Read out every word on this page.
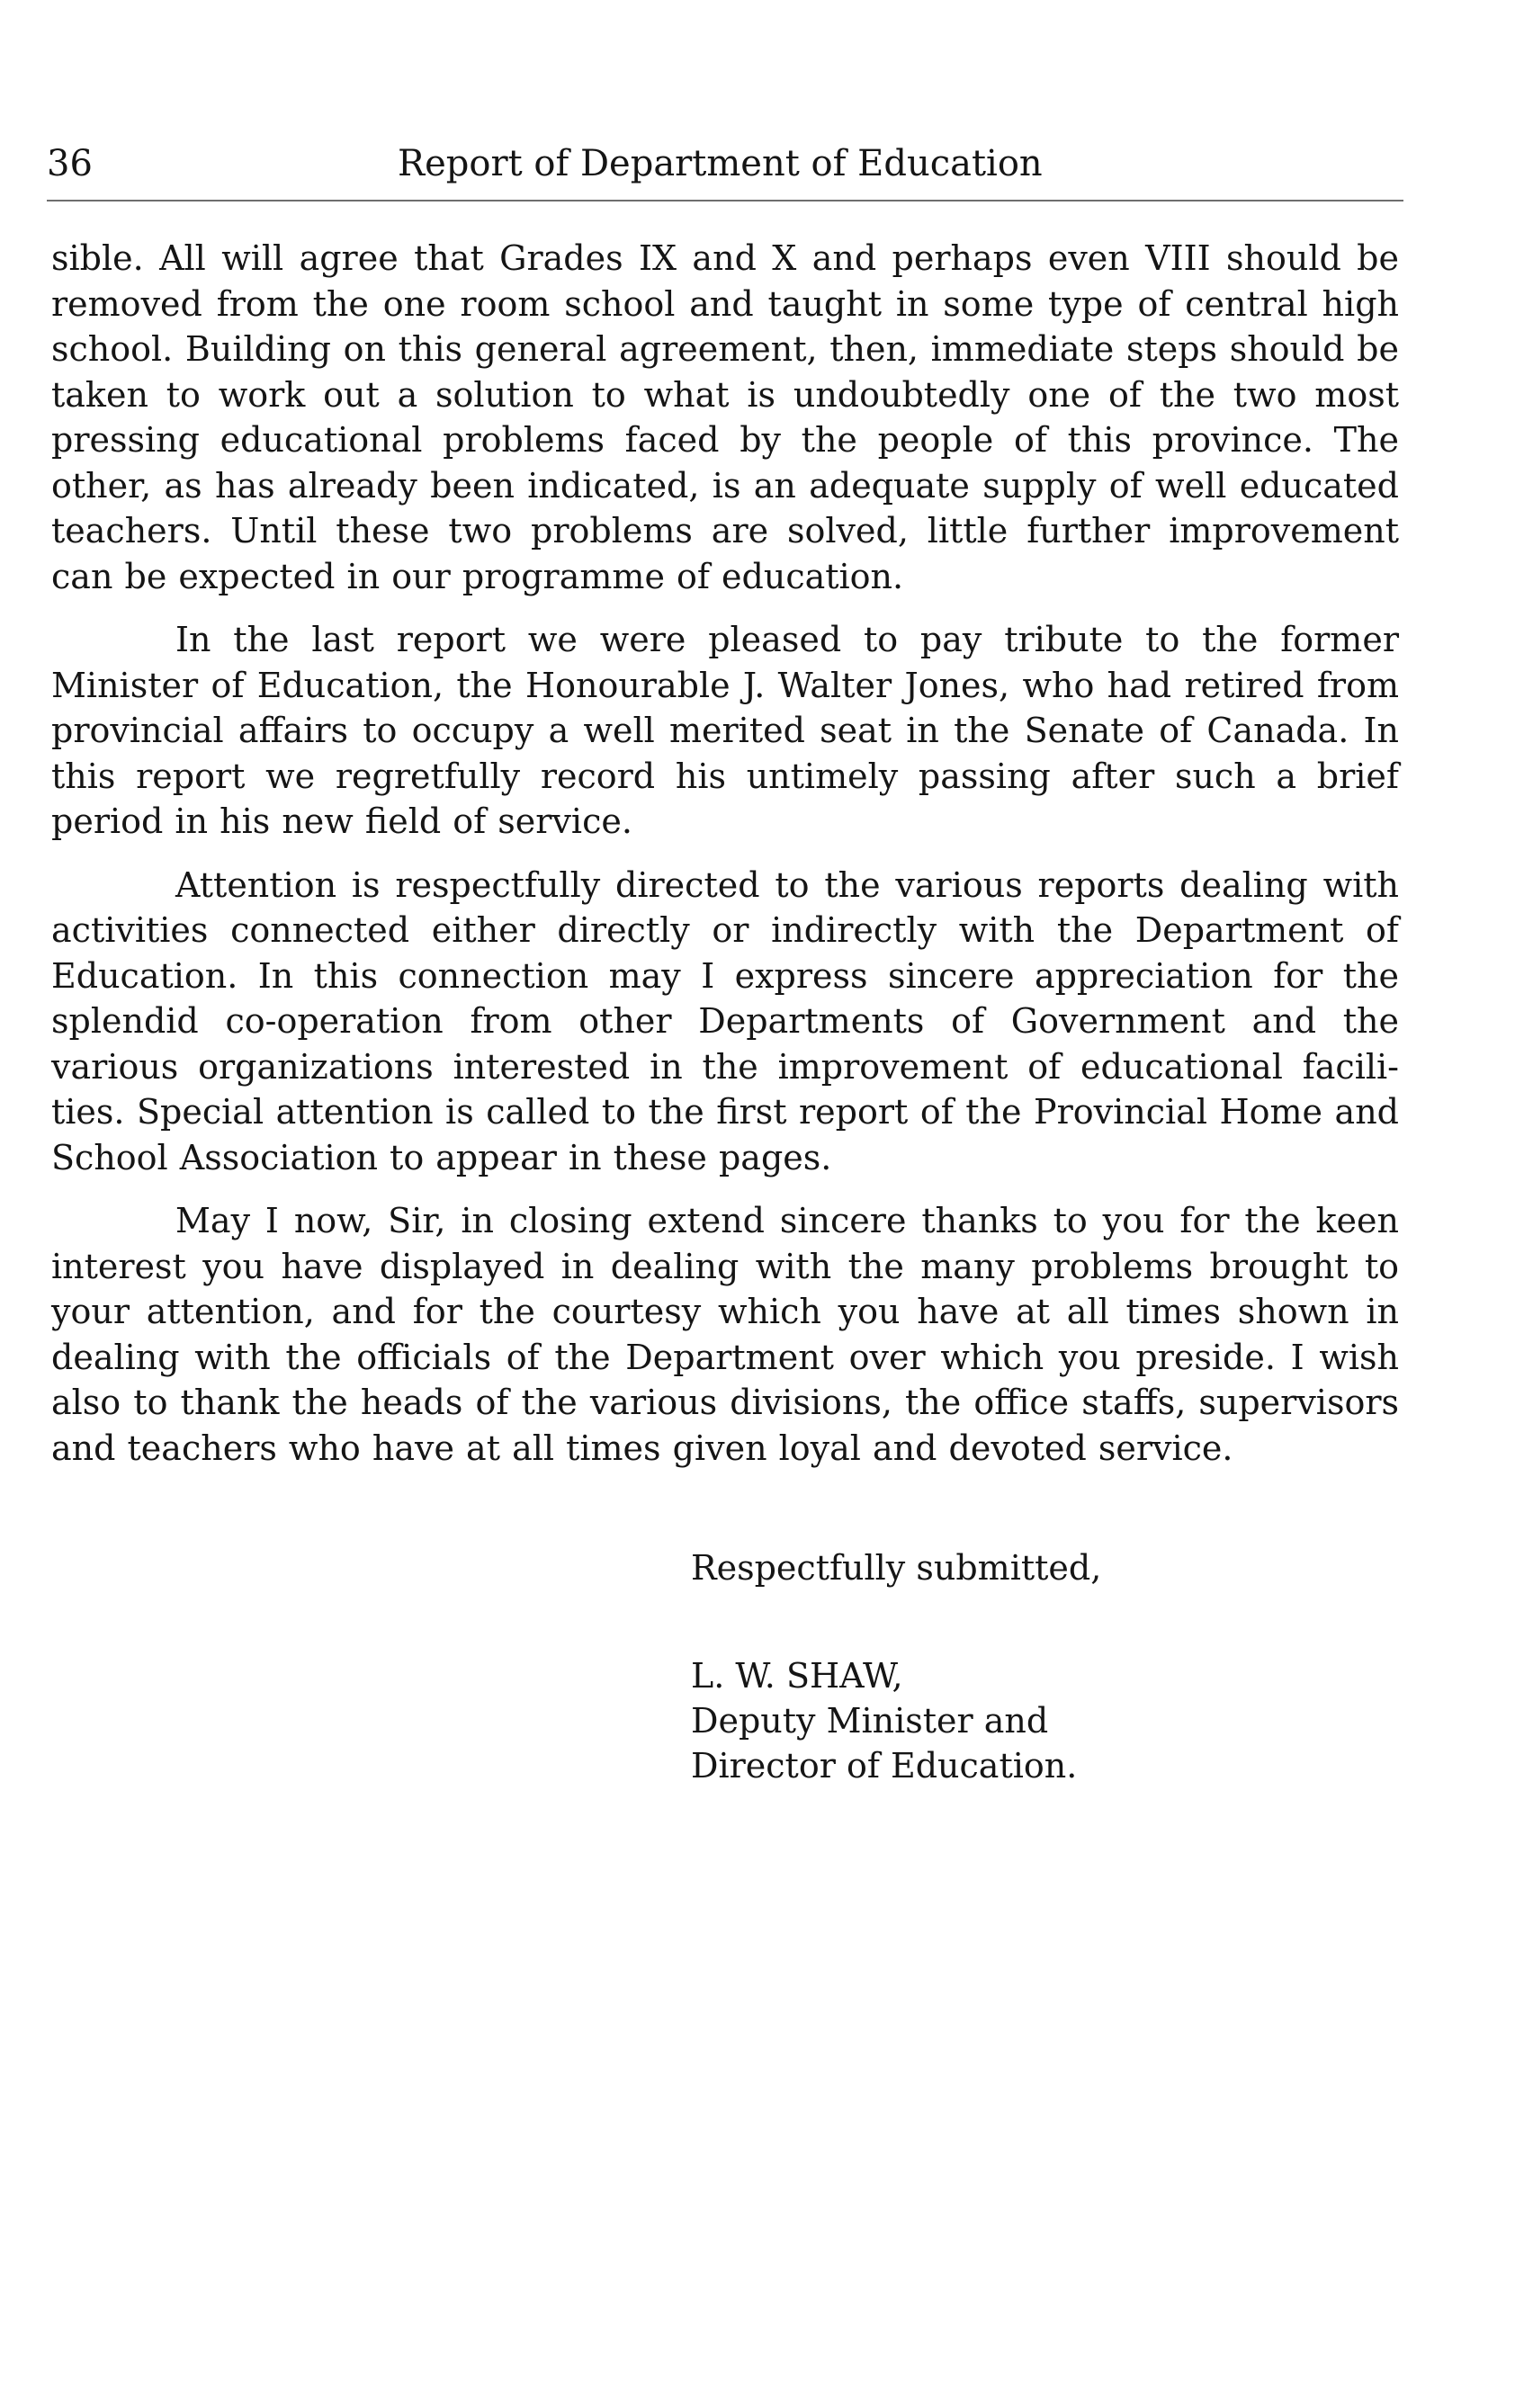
36	Report of Department of Education

sible. All will agree that Grades IX and X and perhaps even VIII should be removed from the one room school and taught in some type of central high school. Building on this general agreement, then, immediate steps should be taken to work out a solution to what is undoubtedly one of the two most pressing educational problems faced by the people of this province. The other, as has already been indicated, is an adequate supply of well educated teachers. Until these two problems are solved, little further improvement can be expected in our programme of education.

In the last report we were pleased to pay tribute to the former Minister of Education, the Honourable J. Walter Jones, who had retired from provincial affairs to occupy a well merited seat in the Senate of Canada. In this report we regretfully record his untimely passing after such a brief period in his new field of service.

Attention is respectfully directed to the various reports dealing with activities connected either directly or indirectly with the Department of Education. In this connection may I express sincere appreciation for the splendid co-operation from other Departments of Government and the various organizations interested in the improvement of educational facili-ties. Special attention is called to the first report of the Provincial Home and School Association to appear in these pages.

May I now, Sir, in closing extend sincere thanks to you for the keen interest you have displayed in dealing with the many problems brought to your attention, and for the courtesy which you have at all times shown in dealing with the officials of the Department over which you preside. I wish also to thank the heads of the various divisions, the office staffs, supervisors and teachers who have at all times given loyal and devoted service.

Respectfully submitted,

L. W. SHAW,

Deputy Minister and

Director of Education.
